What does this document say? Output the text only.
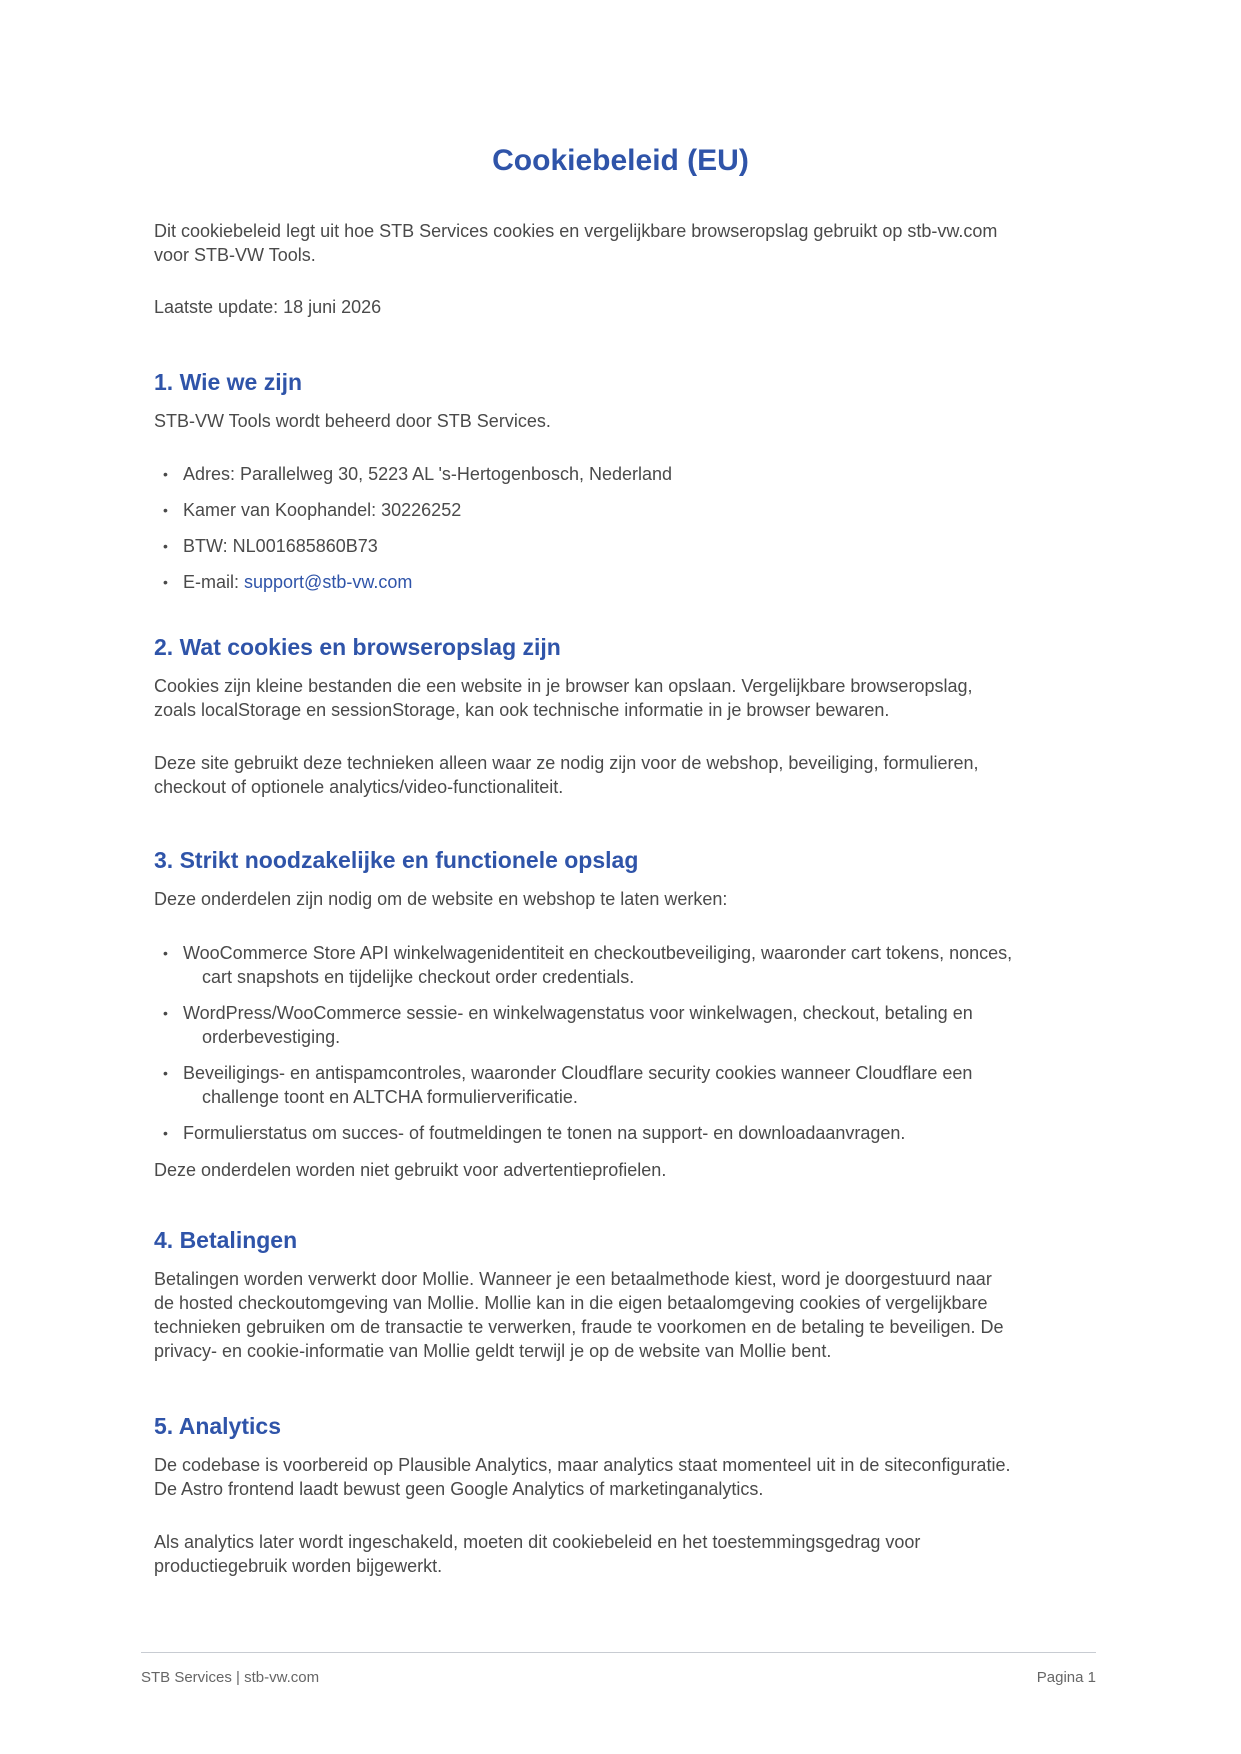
Cookiebeleid (EU)
Dit cookiebeleid legt uit hoe STB Services cookies en vergelijkbare browseropslag gebruikt op stb-vw.com
voor STB-VW Tools.
Laatste update: 18 juni 2026
1. Wie we zijn
STB-VW Tools wordt beheerd door STB Services.
• Adres: Parallelweg 30, 5223 AL 's-Hertogenbosch, Nederland
• Kamer van Koophandel: 30226252
• BTW: NL001685860B73
• E-mail: support@stb-vw.com
2. Wat cookies en browseropslag zijn
Cookies zijn kleine bestanden die een website in je browser kan opslaan. Vergelijkbare browseropslag,
zoals localStorage en sessionStorage, kan ook technische informatie in je browser bewaren.
Deze site gebruikt deze technieken alleen waar ze nodig zijn voor de webshop, beveiliging, formulieren,
checkout of optionele analytics/video-functionaliteit.
3. Strikt noodzakelijke en functionele opslag
Deze onderdelen zijn nodig om de website en webshop te laten werken:
• WooCommerce Store API winkelwagenidentiteit en checkoutbeveiliging, waaronder cart tokens, nonces,
cart snapshots en tijdelijke checkout order credentials.
• WordPress/WooCommerce sessie- en winkelwagenstatus voor winkelwagen, checkout, betaling en
orderbevestiging.
• Beveiligings- en antispamcontroles, waaronder Cloudflare security cookies wanneer Cloudflare een
challenge toont en ALTCHA formulierverificatie.
• Formulierstatus om succes- of foutmeldingen te tonen na support- en downloadaanvragen.
Deze onderdelen worden niet gebruikt voor advertentieprofielen.
4. Betalingen
Betalingen worden verwerkt door Mollie. Wanneer je een betaalmethode kiest, word je doorgestuurd naar
de hosted checkoutomgeving van Mollie. Mollie kan in die eigen betaalomgeving cookies of vergelijkbare
technieken gebruiken om de transactie te verwerken, fraude te voorkomen en de betaling te beveiligen. De
privacy- en cookie-informatie van Mollie geldt terwijl je op de website van Mollie bent.
5. Analytics
De codebase is voorbereid op Plausible Analytics, maar analytics staat momenteel uit in de siteconfiguratie.
De Astro frontend laadt bewust geen Google Analytics of marketinganalytics.
Als analytics later wordt ingeschakeld, moeten dit cookiebeleid en het toestemmingsgedrag voor
productiegebruik worden bijgewerkt.
STB Services | stb-vw.com	Pagina 1
